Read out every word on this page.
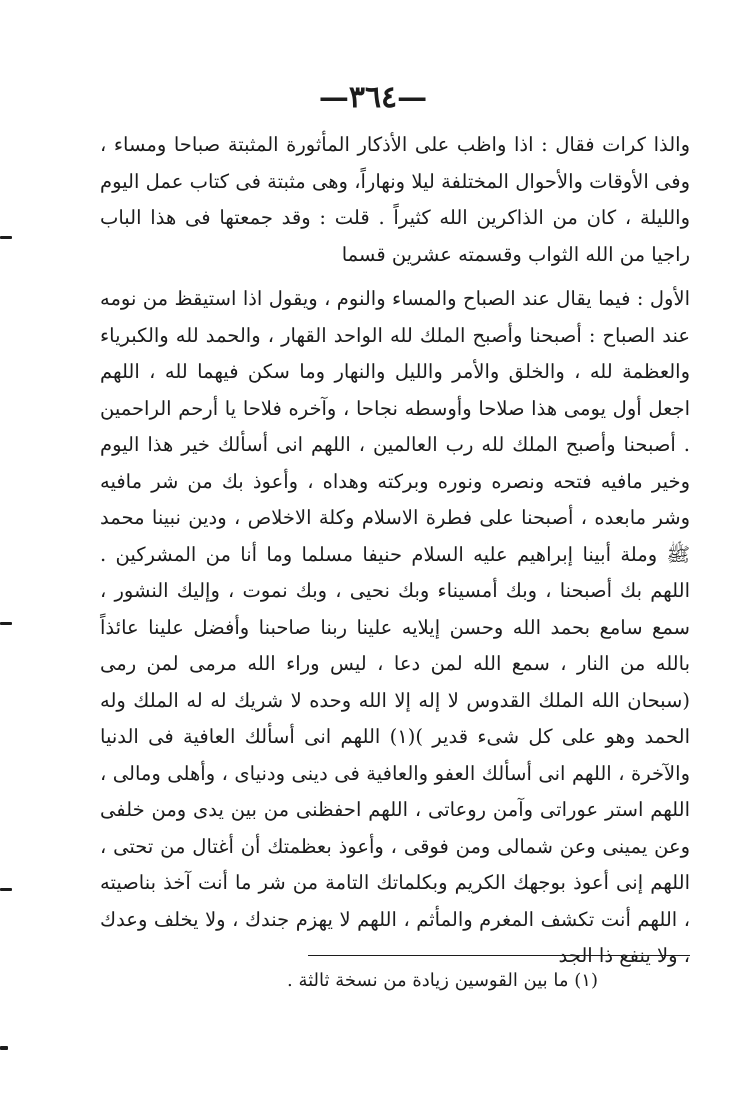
—٣٦٤—

والذا كرات فقال : اذا واظب على الأذكار المأثورة المثبتة صباحا ومساء ، وفى الأوقات والأحوال المختلفة ليلا ونهاراً، وهى مثبتة فى كتاب عمل اليوم والليلة ، كان من الذاكرين الله كثيراً . قلت : وقد جمعتها فى هذا الباب راجيا من الله الثواب وقسمته عشرين قسما

الأول : فيما يقال عند الصباح والمساء والنوم ، ويقول اذا استيقظ من نومه عند الصباح : أصبحنا وأصبح الملك لله الواحد القهار ، والحمد لله والكبرياء والعظمة لله ، والخلق والأمر والليل والنهار وما سكن فيهما لله ، اللهم اجعل أول يومى هذا صلاحا وأوسطه نجاحا ، وآخره فلاحا يا أرحم الراحمين . أصبحنا وأصبح الملك لله رب العالمين ، اللهم انى أسألك خير هذا اليوم وخير مافيه فتحه ونصره ونوره وبركته وهداه ، وأعوذ بك من شر مافيه وشر مابعده ، أصبحنا على فطرة الاسلام وكلة الاخلاص ، ودين نبينا محمد ﷺ وملة أبينا إبراهيم عليه السلام حنيفا مسلما وما أنا من المشركين . اللهم بك أصبحنا ، وبك أمسيناء وبك نحيى ، وبك نموت ، وإليك النشور ، سمع سامع بحمد الله وحسن إيلايه علينا ربنا صاحبنا وأفضل علينا عائذاً بالله من النار ، سمع الله لمن دعا ، ليس وراء الله مرمى لمن رمى (سبحان الله الملك القدوس لا إله إلا الله وحده لا شريك له له الملك وله الحمد وهو على كل شىء قدير )(١) اللهم انى أسألك العافية فى الدنيا والآخرة ، اللهم انى أسألك العفو والعافية فى دينى ودنياى ، وأهلى ومالى ، اللهم استر عوراتى وآمن روعاتى ، اللهم احفظنى من بين يدى ومن خلفى وعن يمينى وعن شمالى ومن فوقى ، وأعوذ بعظمتك أن أغتال من تحتى ، اللهم إنى أعوذ بوجهك الكريم وبكلماتك التامة من شر ما أنت آخذ بناصيته ، اللهم أنت تكشف المغرم والمأثم ، اللهم لا يهزم جندك ، ولا يخلف وعدك ، ولا ينفع ذا الجد

(١) ما بين القوسين زيادة من نسخة ثالثة .
